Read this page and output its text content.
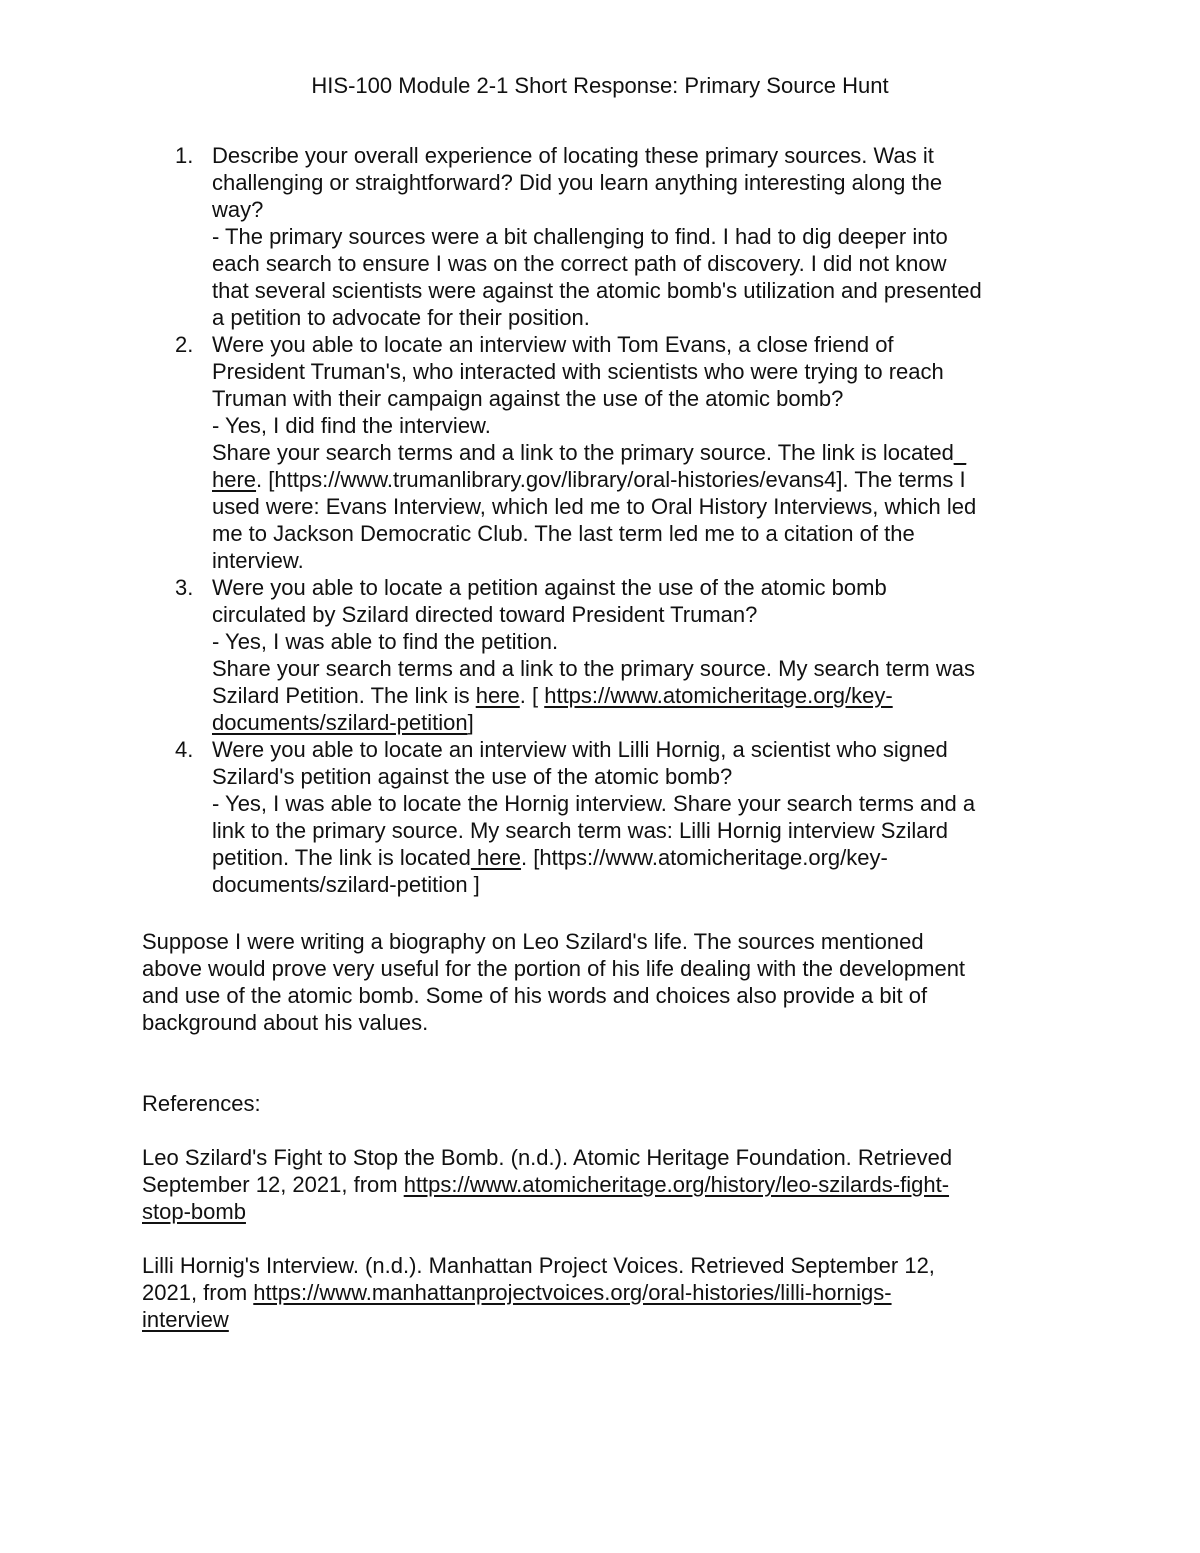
HIS-100 Module 2-1 Short Response: Primary Source Hunt
1. Describe your overall experience of locating these primary sources. Was it
challenging or straightforward? Did you learn anything interesting along the
way?
- The primary sources were a bit challenging to find. I had to dig deeper into
each search to ensure I was on the correct path of discovery. I did not know
that several scientists were against the atomic bomb's utilization and presented
a petition to advocate for their position.
2. Were you able to locate an interview with Tom Evans, a close friend of
President Truman's, who interacted with scientists who were trying to reach
Truman with their campaign against the use of the atomic bomb?
- Yes, I did find the interview.
Share your search terms and a link to the primary source. The link is located_
here. [https://www.trumanlibrary.gov/library/oral-histories/evans4]. The terms I
used were: Evans Interview, which led me to Oral History Interviews, which led
me to Jackson Democratic Club. The last term led me to a citation of the
interview.
3. Were you able to locate a petition against the use of the atomic bomb
circulated by Szilard directed toward President Truman?
- Yes, I was able to find the petition.
Share your search terms and a link to the primary source. My search term was
Szilard Petition. The link is here. [ https://www.atomicheritage.org/key-
documents/szilard-petition]
4. Were you able to locate an interview with Lilli Hornig, a scientist who signed
Szilard's petition against the use of the atomic bomb?
- Yes, I was able to locate the Hornig interview. Share your search terms and a
link to the primary source. My search term was: Lilli Hornig interview Szilard
petition. The link is located here. [https://www.atomicheritage.org/key-
documents/szilard-petition ]
Suppose I were writing a biography on Leo Szilard's life. The sources mentioned
above would prove very useful for the portion of his life dealing with the development
and use of the atomic bomb. Some of his words and choices also provide a bit of
background about his values.
References:
Leo Szilard's Fight to Stop the Bomb. (n.d.). Atomic Heritage Foundation. Retrieved
September 12, 2021, from https://www.atomicheritage.org/history/leo-szilards-fight-
stop-bomb
Lilli Hornig's Interview. (n.d.). Manhattan Project Voices. Retrieved September 12,
2021, from https://www.manhattanprojectvoices.org/oral-histories/lilli-hornigs-
interview
